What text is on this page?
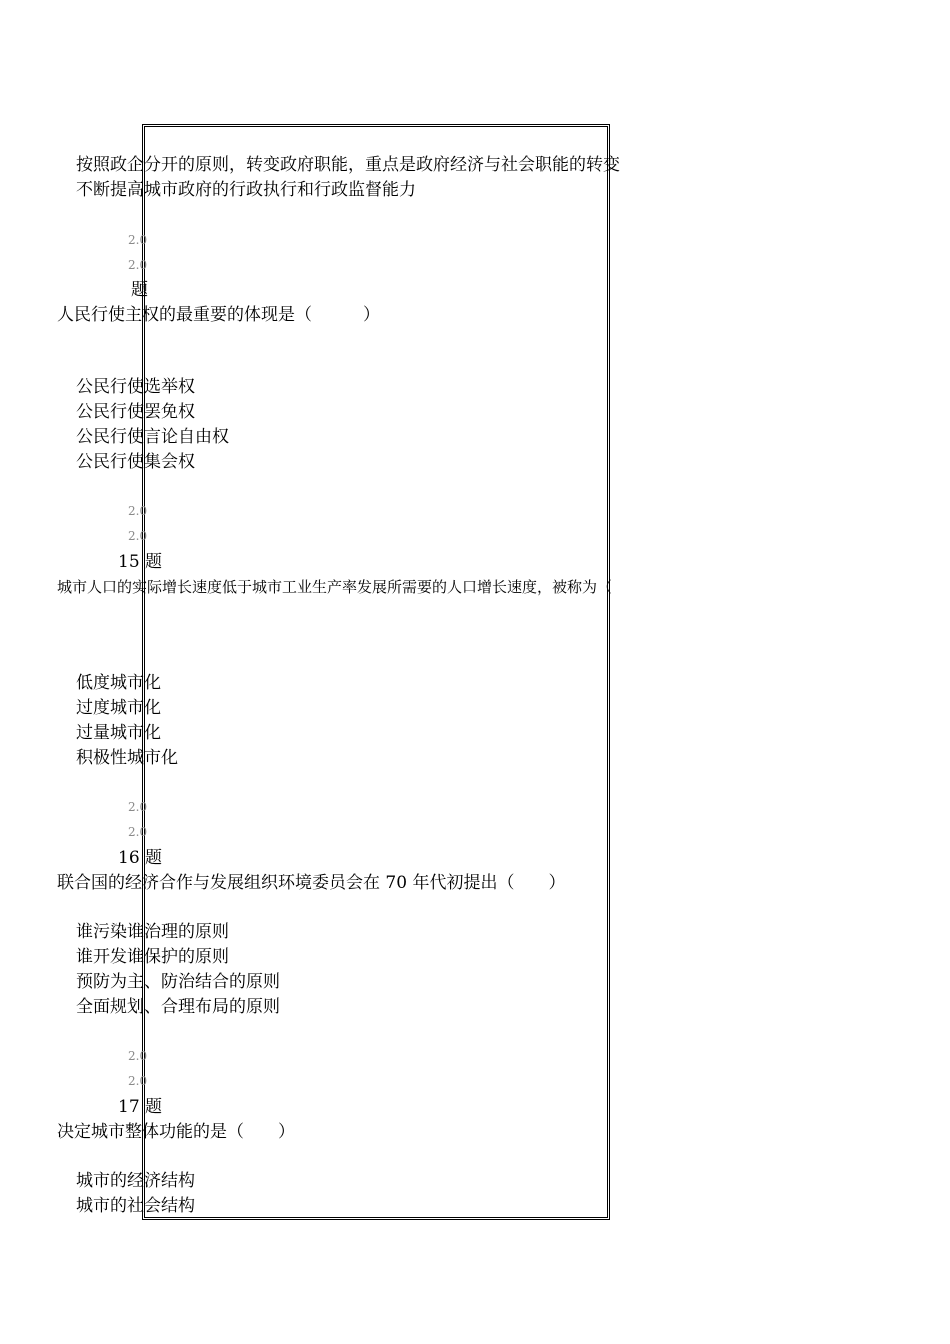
按照政企分开的原则，转变政府职能，重点是政府经济与社会职能的转变
不断提高城市政府的行政执行和行政监督能力
2.0
2.0
题
人民行使主权的最重要的体现是（　　　）
公民行使选举权
公民行使罢免权
公民行使言论自由权
公民行使集会权
2.0
2.0
15 题
城市人口的实际增长速度低于城市工业生产率发展所需要的人口增长速度，被称为（
低度城市化
过度城市化
过量城市化
积极性城市化
2.0
2.0
16 题
联合国的经济合作与发展组织环境委员会在 70 年代初提出（　　）
谁污染谁治理的原则
谁开发谁保护的原则
预防为主、防治结合的原则
全面规划、合理布局的原则
2.0
2.0
17 题
决定城市整体功能的是（　　）
城市的经济结构
城市的社会结构
